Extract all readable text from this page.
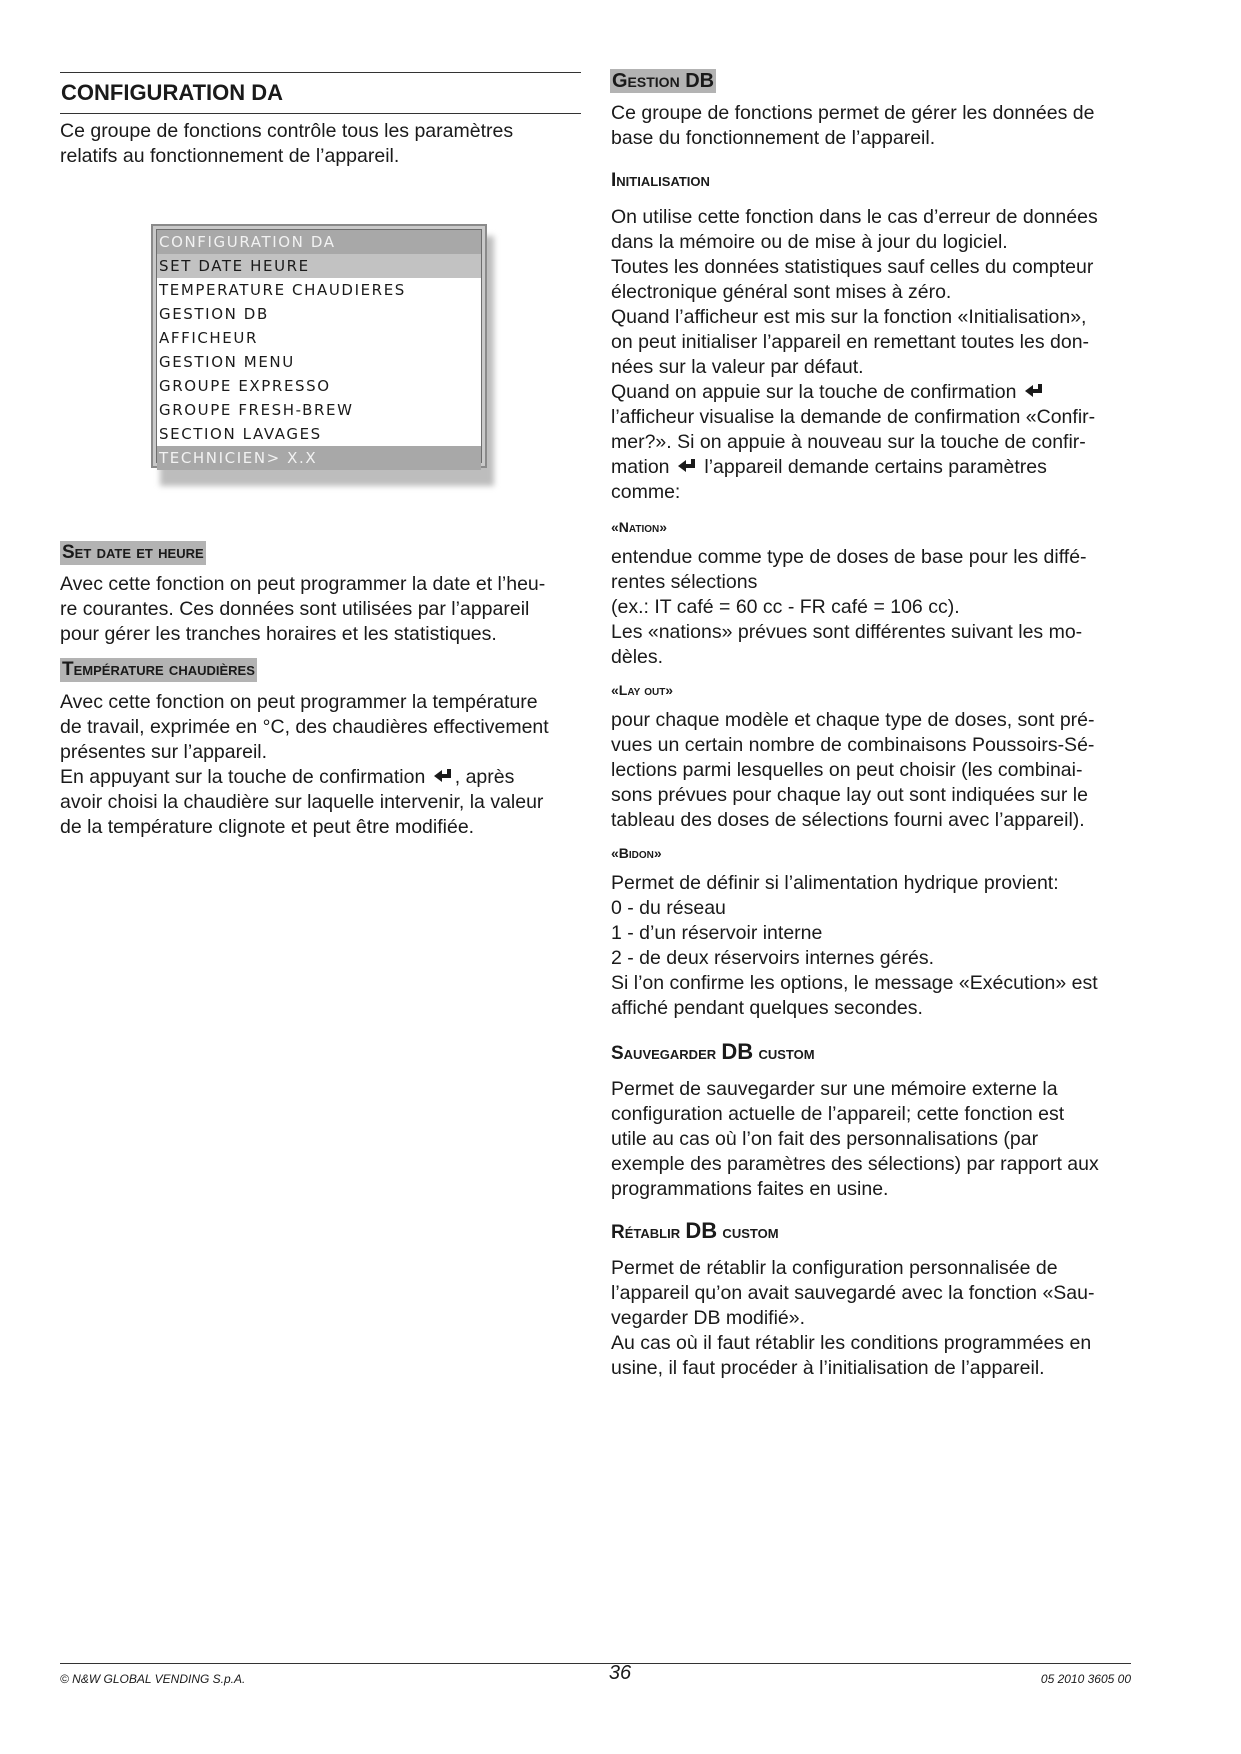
CONFIGURATION DA

Ce groupe de fonctions contrôle tous les paramètres

relatifs au fonctionnement de l’appareil.

CONFIGURATION DA
SET DATE HEURE
TEMPERATURE CHAUDIERES
GESTION DB
AFFICHEUR
GESTION MENU
GROUPE EXPRESSO
GROUPE FRESH-BREW
SECTION LAVAGES
TECHNICIEN> X.X
Set date et heure

Avec cette fonction on peut programmer la date et l’heu-

re courantes. Ces données sont utilisées par l’appareil

pour gérer les tranches horaires et les statistiques.

Température chaudières

Avec cette fonction on peut programmer la température

de travail, exprimée en °C, des chaudières effectivement

présentes sur l’appareil.

En appuyant sur la touche de confirmation , après

avoir choisi la chaudière sur laquelle intervenir, la valeur

de la température clignote et peut être modifiée.

Gestion DB

Ce groupe de fonctions permet de gérer les données de

base du fonctionnement de l’appareil.

Initialisation

On utilise cette fonction dans le cas d’erreur de données

dans la mémoire ou de mise à jour du logiciel.

Toutes les données statistiques sauf celles du compteur

électronique général sont mises à zéro.

Quand l’afficheur est mis sur la fonction «Initialisation»,

on peut initialiser l’appareil en remettant toutes les don-

nées sur la valeur par défaut.

Quand on appuie sur la touche de confirmation

l’afficheur visualise la demande de confirmation «Confir-

mer?». Si on appuie à nouveau sur la touche de confir-

mation l’appareil demande certains paramètres

comme:

«Nation»

entendue comme type de doses de base pour les diffé-

rentes sélections

(ex.: IT café = 60 cc - FR café = 106 cc).

Les «nations» prévues sont différentes suivant les mo-

dèles.

«Lay out»

pour chaque modèle et chaque type de doses, sont pré-

vues un certain nombre de combinaisons Poussoirs-Sé-

lections parmi lesquelles on peut choisir (les combinai-

sons prévues pour chaque lay out sont indiquées sur le

tableau des doses de sélections fourni avec l’appareil).

«Bidon»

Permet de définir si l’alimentation hydrique provient:

0 - du réseau

1 - d’un réservoir interne

2 - de deux réservoirs internes gérés.

Si l’on confirme les options, le message «Exécution» est

affiché pendant quelques secondes.

Sauvegarder DB custom

Permet de sauvegarder sur une mémoire externe la

configuration actuelle de l’appareil; cette fonction est

utile au cas où l’on fait des personnalisations (par

exemple des paramètres des sélections) par rapport aux

programmations faites en usine.

Rétablir DB custom

Permet de rétablir la configuration personnalisée de

l’appareil qu’on avait sauvegardé avec la fonction «Sau-

vegarder DB modifié».

Au cas où il faut rétablir les conditions programmées en

usine, il faut procéder à l’initialisation de l’appareil.

© N&W GLOBAL VENDING S.p.A.	36	05 2010 3605 00
